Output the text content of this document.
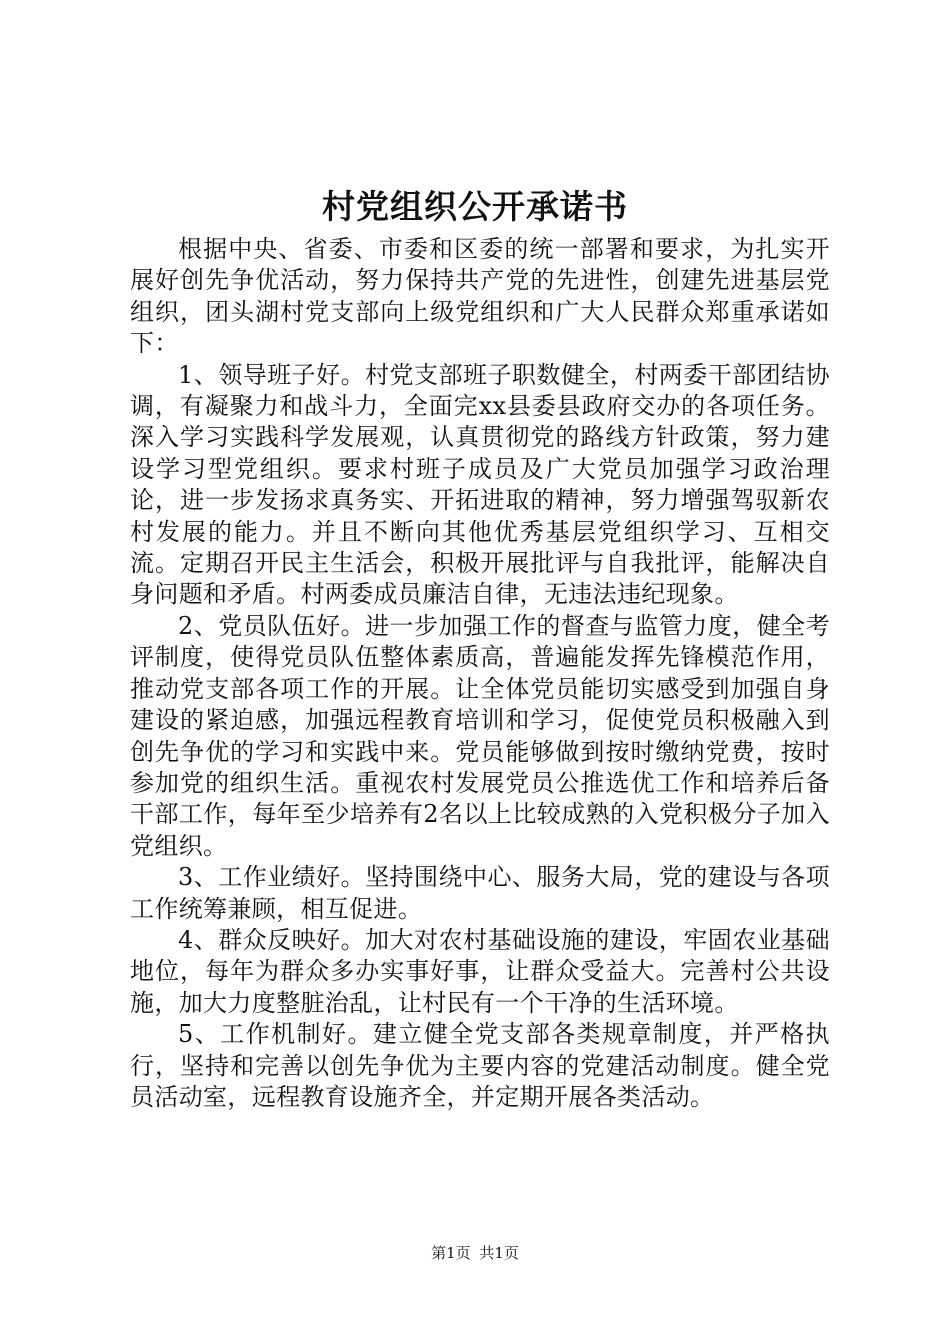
村党组织公开承诺书

根据中央、省委、市委和区委的统一部署和要求，为扎实开展好创先争优活动，努力保持共产党的先进性，创建先进基层党组织，团头湖村党支部向上级党组织和广大人民群众郑重承诺如下：

1、领导班子好。村党支部班子职数健全，村两委干部团结协调，有凝聚力和战斗力，全面完xx县委县政府交办的各项任务。深入学习实践科学发展观，认真贯彻党的路线方针政策，努力建设学习型党组织。要求村班子成员及广大党员加强学习政治理论，进一步发扬求真务实、开拓进取的精神，努力增强驾驭新农村发展的能力。并且不断向其他优秀基层党组织学习、互相交流。定期召开民主生活会，积极开展批评与自我批评，能解决自身问题和矛盾。村两委成员廉洁自律，无违法违纪现象。

2、党员队伍好。进一步加强工作的督查与监管力度，健全考评制度，使得党员队伍整体素质高，普遍能发挥先锋模范作用，推动党支部各项工作的开展。让全体党员能切实感受到加强自身建设的紧迫感，加强远程教育培训和学习，促使党员积极融入到创先争优的学习和实践中来。党员能够做到按时缴纳党费，按时参加党的组织生活。重视农村发展党员公推选优工作和培养后备干部工作，每年至少培养有2名以上比较成熟的入党积极分子加入党组织。

3、工作业绩好。坚持围绕中心、服务大局，党的建设与各项工作统筹兼顾，相互促进。

4、群众反映好。加大对农村基础设施的建设，牢固农业基础地位，每年为群众多办实事好事，让群众受益大。完善村公共设施，加大力度整脏治乱，让村民有一个干净的生活环境。

5、工作机制好。建立健全党支部各类规章制度，并严格执行，坚持和完善以创先争优为主要内容的党建活动制度。健全党员活动室，远程教育设施齐全，并定期开展各类活动。

第1页 共1页
